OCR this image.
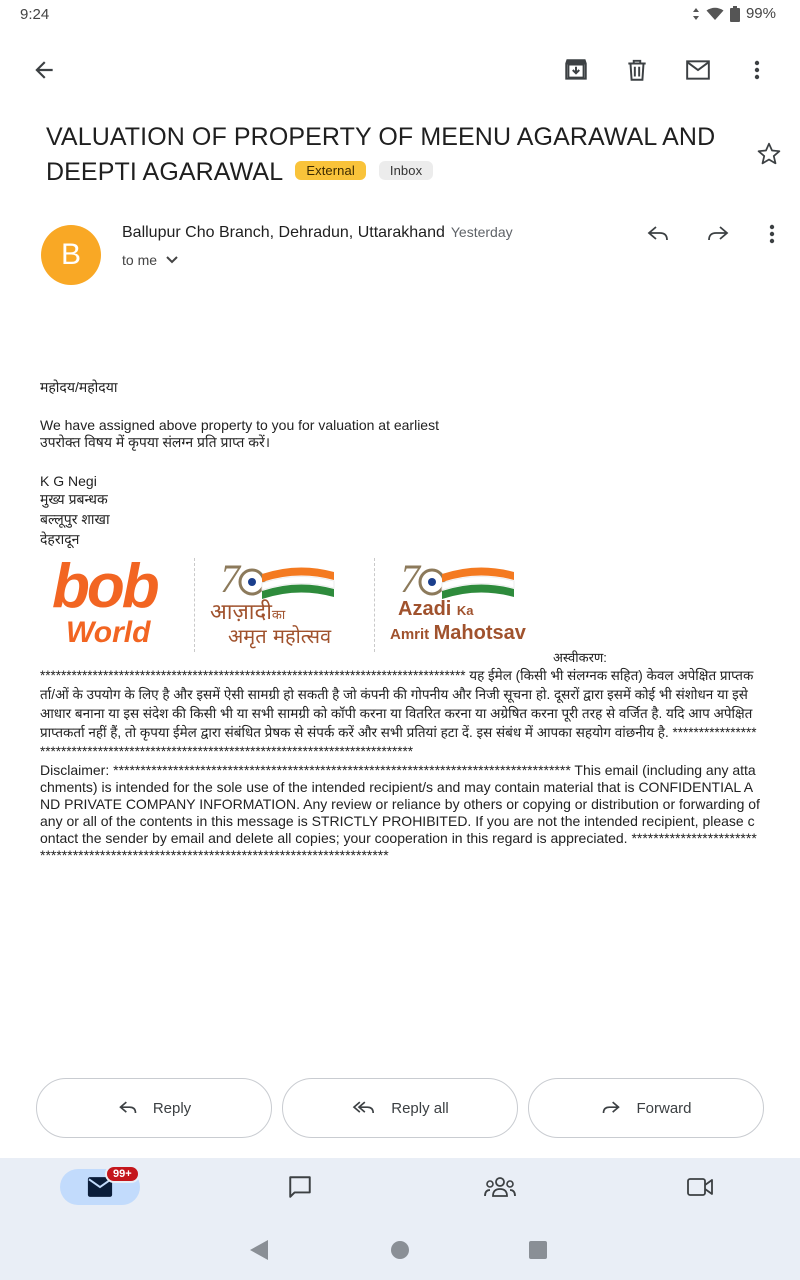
9:24	99%
VALUATION OF PROPERTY OF MEENU AGARAWAL AND DEEPTI AGARAWAL External	Inbox
B
Ballupur Cho Branch, Dehradun, Uttarakhand Yesterday
to me
महोदय/महोदया
We have assigned above property to you for valuation at earliest
उपरोक्त विषय में कृपया संलग्न प्रति प्राप्त करें।
K G Negi
मुख्य प्रबन्धक
बल्लूपुर शाखा
देहरादून
bob
World
7
आज़ादीका
अमृत महोत्सव
7
Azadi Ka
Amrit Mahotsav
अस्वीकरण:
********************************************************************************* यह ईमेल (किसी भी संलग्नक सहित) केवल अपेक्षित प्राप्तकर्ता/ओं के उपयोग के लिए है और इसमें ऐसी सामग्री हो सकती है जो कंपनी की गोपनीय और निजी सूचना हो. दूसरों द्वारा इसमें कोई भी संशोधन या इसे आधार बनाना या इस संदेश की किसी भी या सभी सामग्री को कॉपी करना या वितरित करना या अग्रेषित करना पूरी तरह से वर्जित है. यदि आप अपेक्षित प्राप्तकर्ता नहीं हैं, तो कृपया ईमेल द्वारा संबंधित प्रेषक से संपर्क करें और सभी प्रतियां हटा दें. इस संबंध में आपका सहयोग वांछनीय है. ***************************************************************************************
Disclaimer: ************************************************************************************ This email (including any attachments) is intended for the sole use of the intended recipient/s and may contain material that is CONFIDENTIAL AND PRIVATE COMPANY INFORMATION. Any review or reliance by others or copying or distribution or forwarding of any or all of the contents in this message is STRICTLY PROHIBITED. If you are not the intended recipient, please contact the sender by email and delete all copies; your cooperation in this regard is appreciated. ***************************************************************************************
Reply	Reply all	Forward
99+
